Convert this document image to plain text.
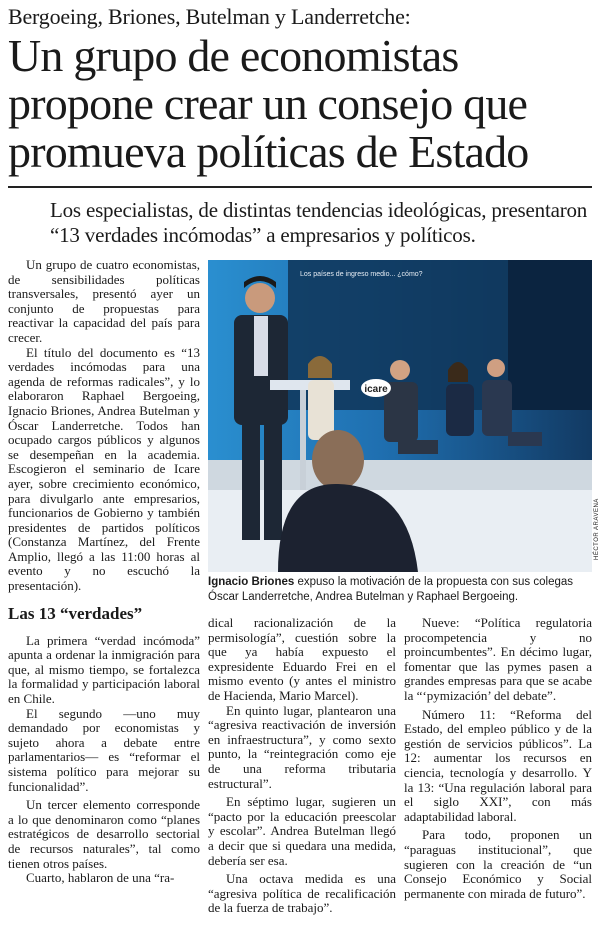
Bergoeing, Briones, Butelman y Landerretche:
Un grupo de economistas propone crear un consejo que promueva políticas de Estado
Los especialistas, de distintas tendencias ideológicas, presentaron “13 verdades incómodas” a empresarios y políticos.

Un grupo de cuatro economistas, de sensibilidades políticas transversales, presentó ayer un conjunto de propuestas para reactivar la capacidad del país para crecer.

El título del documento es “13 verdades incómodas para una agenda de reformas radicales”, y lo elaboraron Raphael Bergoeing, Ignacio Briones, Andrea Butelman y Óscar Landerretche. Todos han ocupado cargos públicos y algunos se desempeñan en la academia. Escogieron el seminario de Icare ayer, sobre crecimiento económico, para divulgarlo ante empresarios, funcionarios de Gobierno y también presidentes de partidos políticos (Constanza Martínez, del Frente Amplio, llegó a las 11:00 horas al evento y no escuchó la presentación).

Las 13 “verdades”

La primera “verdad incómoda” apunta a ordenar la inmigración para que, al mismo tiempo, se fortalezca la formalidad y participación laboral en Chile.

El segundo —uno muy demandado por economistas y sujeto ahora a debate entre parlamentarios— es “reformar el sistema político para mejorar su funcionalidad”.

Un tercer elemento corresponde a lo que denominaron como “planes estratégicos de desarrollo sectorial de recursos naturales”, tal como tienen otros países.

Cuarto, hablaron de una “ra-

Los países de ingreso medio... ¿cómo?
icare
HÉCTOR ARAVENA
Ignacio Briones expuso la motivación de la propuesta con sus colegas Óscar Landerretche, Andrea Butelman y Raphael Bergoeing.

dical racionalización de la permisología”, cuestión sobre la que ya había expuesto el expresidente Eduardo Frei en el mismo evento (y antes el ministro de Hacienda, Mario Marcel).

En quinto lugar, plantearon una “agresiva reactivación de inversión en infraestructura”, y como sexto punto, la “reintegración como eje de una reforma tributaria estructural”.

En séptimo lugar, sugieren un “pacto por la educación preescolar y escolar”. Andrea Butelman llegó a decir que si quedara una medida, debería ser esa.

Una octava medida es una “agresiva política de recalificación de la fuerza de trabajo”.

Nueve: “Política regulatoria procompetencia y no proincumbentes”. En décimo lugar, fomentar que las pymes pasen a grandes empresas para que se acabe la “‘pymización’ del debate”.

Número 11: “Reforma del Estado, del empleo público y de la gestión de servicios públicos”. La 12: aumentar los recursos en ciencia, tecnología y desarrollo. Y la 13: “Una regulación laboral para el siglo XXI”, con más adaptabilidad laboral.

Para todo, proponen un “paraguas institucional”, que sugieren con la creación de “un Consejo Económico y Social permanente con mirada de futuro”.
